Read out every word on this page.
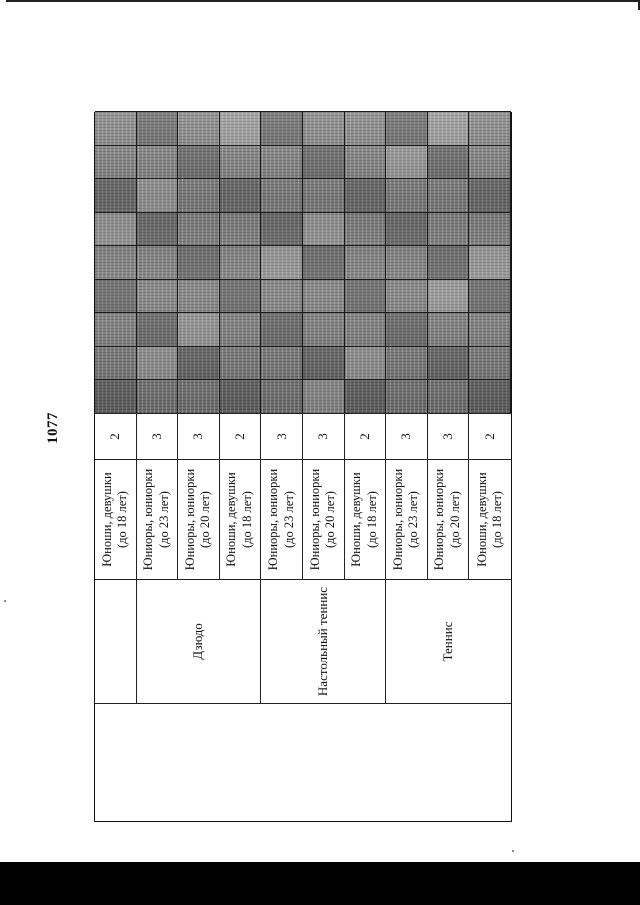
1077
Юноши, девушки
(до 18 лет)
2
Дзюдо
Юниоры, юниорки
(до 23 лет)
3
Юниоры, юниорки
(до 20 лет)
3
Юноши, девушки
(до 18 лет)
2
Настольный теннис
Юниоры, юниорки
(до 23 лет)
3
Юниоры, юниорки
(до 20 лет)
3
Юноши, девушки
(до 18 лет)
2
Теннис
Юниоры, юниорки
(до 23 лет)
3
Юниоры, юниорки
(до 20 лет)
3
Юноши, девушки
(до 18 лет)
2
